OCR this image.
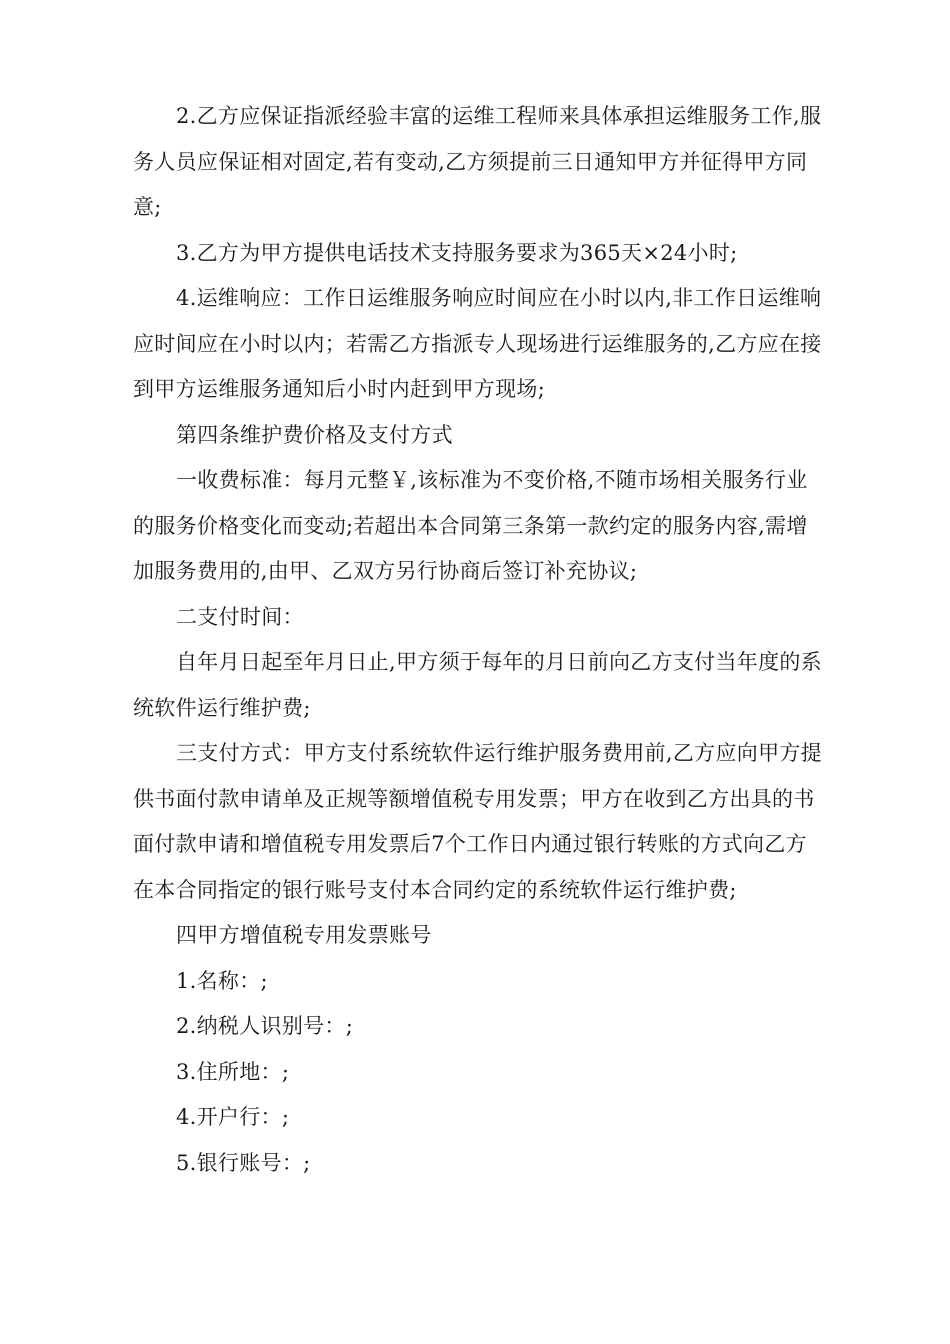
2.乙方应保证指派经验丰富的运维工程师来具体承担运维服务工作,服务人员应保证相对固定,若有变动,乙方须提前三日通知甲方并征得甲方同意;

3.乙方为甲方提供电话技术支持服务要求为365天×24小时;

4.运维响应：工作日运维服务响应时间应在小时以内,非工作日运维响应时间应在小时以内；若需乙方指派专人现场进行运维服务的,乙方应在接到甲方运维服务通知后小时内赶到甲方现场;

第四条维护费价格及支付方式

一收费标准：每月元整￥,该标准为不变价格,不随市场相关服务行业的服务价格变化而变动;若超出本合同第三条第一款约定的服务内容,需增加服务费用的,由甲、乙双方另行协商后签订补充协议;

二支付时间：

自年月日起至年月日止,甲方须于每年的月日前向乙方支付当年度的系统软件运行维护费;

三支付方式：甲方支付系统软件运行维护服务费用前,乙方应向甲方提供书面付款申请单及正规等额增值税专用发票；甲方在收到乙方出具的书面付款申请和增值税专用发票后7个工作日内通过银行转账的方式向乙方在本合同指定的银行账号支付本合同约定的系统软件运行维护费;

四甲方增值税专用发票账号

1.名称：;

2.纳税人识别号：;

3.住所地：;

4.开户行：;

5.银行账号：;
